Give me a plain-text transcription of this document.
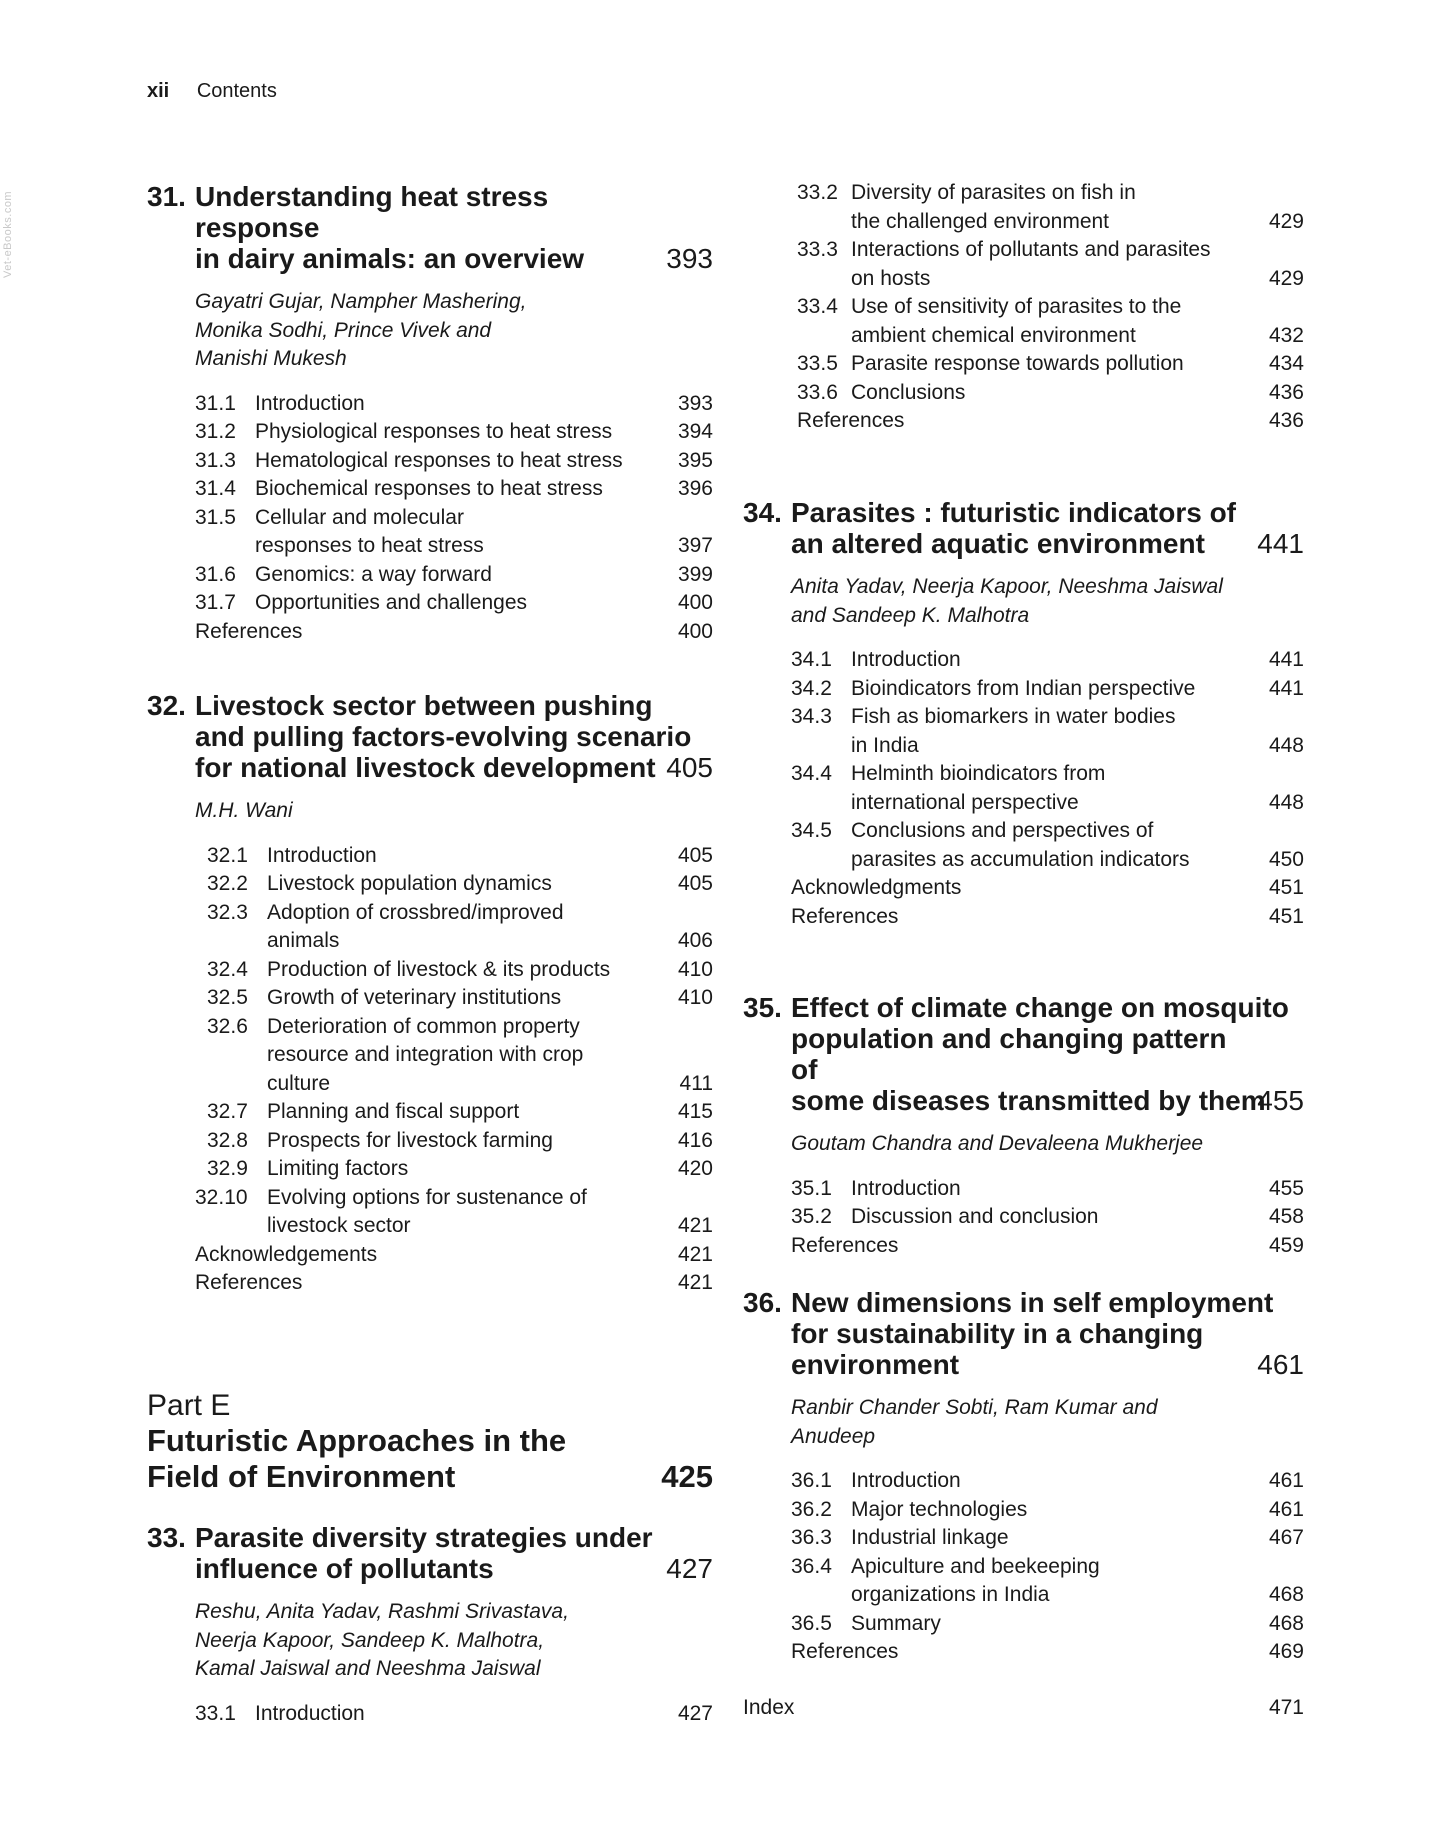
Vet-eBooks.com
xii Contents
31. Understanding heat stress response
in dairy animals: an overview	393
Gayatri Gujar, Nampher Mashering,
Monika Sodhi, Prince Vivek and
Manishi Mukesh
31.1 Introduction	393
31.2 Physiological responses to heat stress	394
31.3 Hematological responses to heat stress	395
31.4 Biochemical responses to heat stress	396
31.5 Cellular and molecular responses to heat stress	397
31.6 Genomics: a way forward	399
31.7 Opportunities and challenges	400
References	400
32. Livestock sector between pushing
and pulling factors-evolving scenario
for national livestock development 405
M.H. Wani
32.1 Introduction	405
32.2 Livestock population dynamics	405
32.3 Adoption of crossbred/improved animals	406
32.4 Production of livestock & its products	410
32.5 Growth of veterinary institutions	410
32.6 Deterioration of common property resource and integration with crop culture	411
32.7 Planning and fiscal support	415
32.8 Prospects for livestock farming	416
32.9 Limiting factors	420
32.10 Evolving options for sustenance of livestock sector	421
Acknowledgements	421
References	421
Part E
Futuristic Approaches in the
Field of Environment	425
33. Parasite diversity strategies under
influence of pollutants	427
Reshu, Anita Yadav, Rashmi Srivastava,
Neerja Kapoor, Sandeep K. Malhotra,
Kamal Jaiswal and Neeshma Jaiswal
33.1 Introduction	427
33.2 Diversity of parasites on fish in the challenged environment	429
33.3 Interactions of pollutants and parasites on hosts	429
33.4 Use of sensitivity of parasites to the ambient chemical environment	432
33.5 Parasite response towards pollution	434
33.6 Conclusions	436
References	436
34. Parasites : futuristic indicators of
an altered aquatic environment	441
Anita Yadav, Neerja Kapoor, Neeshma Jaiswal
and Sandeep K. Malhotra
34.1 Introduction	441
34.2 Bioindicators from Indian perspective	441
34.3 Fish as biomarkers in water bodies in India	448
34.4 Helminth bioindicators from international perspective	448
34.5 Conclusions and perspectives of parasites as accumulation indicators	450
Acknowledgments	451
References	451
35. Effect of climate change on mosquito
population and changing pattern of
some diseases transmitted by them
455
Goutam Chandra and Devaleena Mukherjee
35.1 Introduction	455
35.2 Discussion and conclusion	458
References	459
36. New dimensions in self employment
for sustainability in a changing
environment	461
Ranbir Chander Sobti, Ram Kumar and
Anudeep
36.1 Introduction	461
36.2 Major technologies	461
36.3 Industrial linkage	467
36.4 Apiculture and beekeeping organizations in India	468
36.5 Summary	468
References	469
Index	471
